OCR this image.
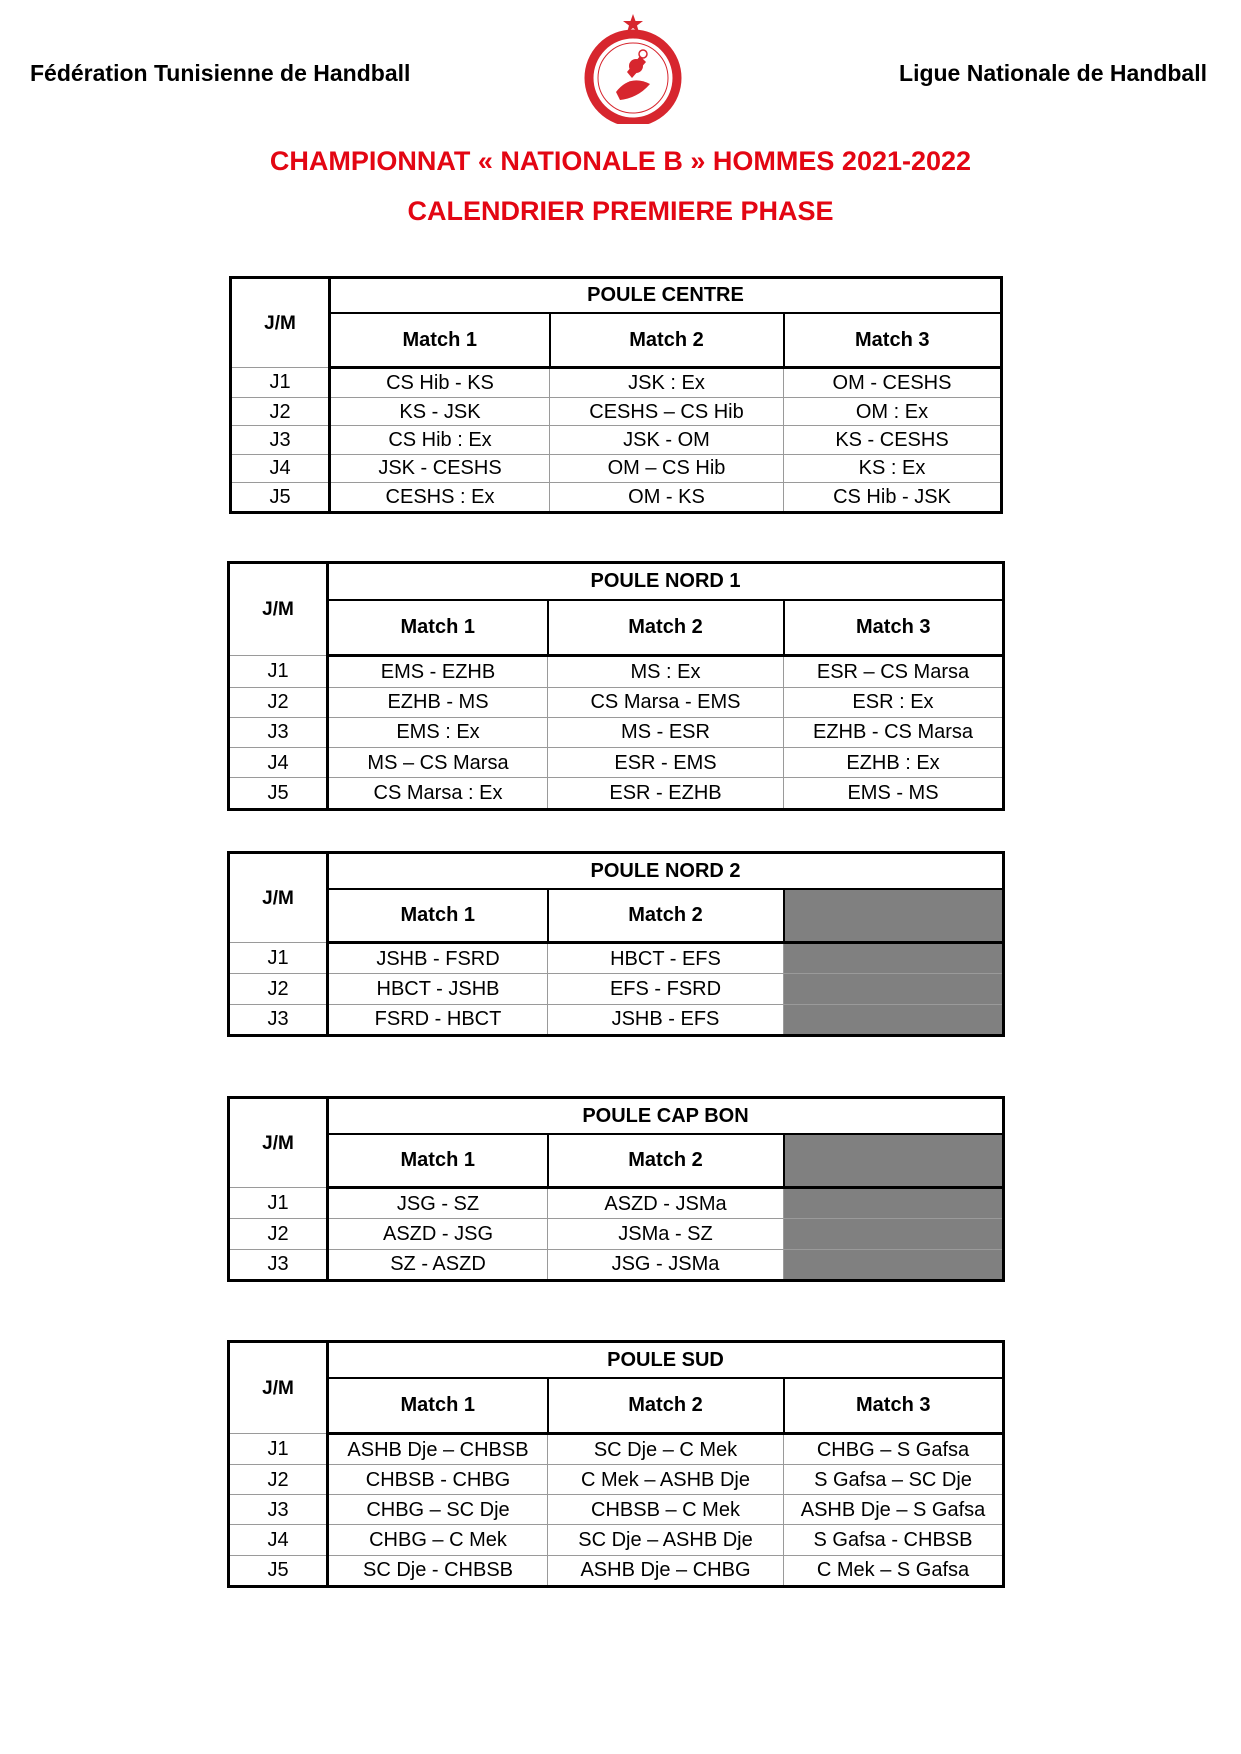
Fédération Tunisienne de Handball	Ligue Nationale de Handball
CHAMPIONNAT « NATIONALE B » HOMMES 2021-2022
CALENDRIER PREMIERE PHASE
J/M	POULE CENTRE		
	Match 1	Match 2	Match 3
J1	CS Hib - KS	JSK : Ex	OM - CESHS
J2	KS - JSK	CESHS – CS Hib	OM : Ex
J3	CS Hib : Ex	JSK - OM	KS - CESHS
J4	JSK - CESHS	OM – CS Hib	KS : Ex
J5	CESHS : Ex	OM - KS	CS Hib - JSK
J/M	POULE NORD 1		
	Match 1	Match 2	Match 3
J1	EMS - EZHB	MS : Ex	ESR – CS Marsa
J2	EZHB - MS	CS Marsa - EMS	ESR : Ex
J3	EMS : Ex	MS - ESR	EZHB - CS Marsa
J4	MS – CS Marsa	ESR - EMS	EZHB : Ex
J5	CS Marsa : Ex	ESR - EZHB	EMS - MS
J/M	POULE NORD 2		
	Match 1	Match 2	
J1	JSHB - FSRD	HBCT - EFS	
J2	HBCT - JSHB	EFS - FSRD	
J3	FSRD - HBCT	JSHB - EFS	
J/M	POULE CAP BON		
	Match 1	Match 2	
J1	JSG - SZ	ASZD - JSMa	
J2	ASZD - JSG	JSMa - SZ	
J3	SZ - ASZD	JSG - JSMa	
J/M	POULE SUD		
	Match 1	Match 2	Match 3
J1	ASHB Dje – CHBSB	SC Dje – C Mek	CHBG – S Gafsa
J2	CHBSB - CHBG	C Mek – ASHB Dje	S Gafsa – SC Dje
J3	CHBG – SC Dje	CHBSB – C Mek	ASHB Dje – S Gafsa
J4	CHBG – C Mek	SC Dje – ASHB Dje	S Gafsa - CHBSB
J5	SC Dje - CHBSB	ASHB Dje – CHBG	C Mek – S Gafsa
